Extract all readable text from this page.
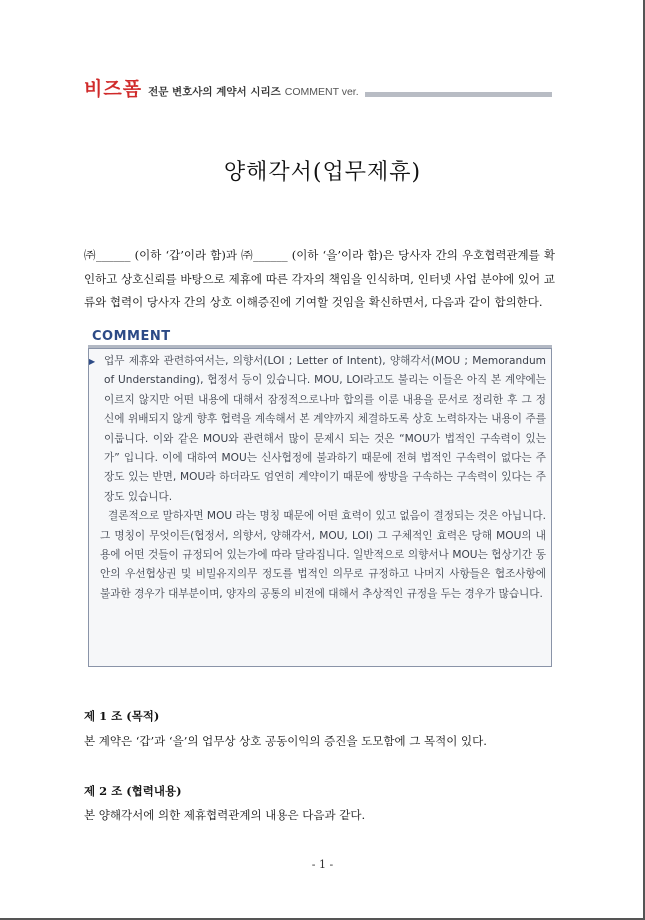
비즈폼 전문 변호사의 계약서 시리즈 COMMENT ver.
양해각서(업무제휴)
㈜______ (이하 ‘갑’이라 함)과 ㈜______ (이하 ‘을’이라 함)은 당사자 간의 우호협력관계를 확인하고 상호신뢰를 바탕으로 제휴에 따른 각자의 책임을 인식하며, 인터넷 사업 분야에 있어 교류와 협력이 당사자 간의 상호 이해증진에 기여할 것임을 확신하면서, 다음과 같이 합의한다.
COMMENT

▶ 업무 제휴와 관련하여서는, 의향서(LOI ; Letter of Intent), 양해각서(MOU ; Memorandum of Understanding), 협정서 등이 있습니다. MOU, LOI라고도 불리는 이들은 아직 본 계약에는 이르지 않지만 어떤 내용에 대해서 잠정적으로나마 합의를 이룬 내용을 문서로 정리한 후 그 정신에 위배되지 않게 향후 협력을 계속해서 본 계약까지 체결하도록 상호 노력하자는 내용이 주를 이룹니다. 이와 같은 MOU와 관련해서 많이 문제시 되는 것은 “MOU가 법적인 구속력이 있는가” 입니다. 이에 대하여 MOU는 신사협정에 불과하기 때문에 전혀 법적인 구속력이 없다는 주장도 있는 반면, MOU라 하더라도 엄연히 계약이기 때문에 쌍방을 구속하는 구속력이 있다는 주장도 있습니다.

결론적으로 말하자면 MOU 라는 명칭 때문에 어떤 효력이 있고 없음이 결정되는 것은 아닙니다. 그 명칭이 무엇이든(협정서, 의향서, 양해각서, MOU, LOI) 그 구체적인 효력은 당해 MOU의 내용에 어떤 것들이 규정되어 있는가에 따라 달라집니다. 일반적으로 의향서나 MOU는 협상기간 동안의 우선협상권 및 비밀유지의무 정도를 법적인 의무로 규정하고 나머지 사항들은 협조사항에 불과한 경우가 대부분이며, 양자의 공통의 비전에 대해서 추상적인 규정을 두는 경우가 많습니다.

제 1 조 (목적)
본 계약은 ‘갑’과 ‘을’의 업무상 상호 공동이익의 증진을 도모함에 그 목적이 있다.
제 2 조 (협력내용)
본 양해각서에 의한 제휴협력관계의 내용은 다음과 같다.
- 1 -
